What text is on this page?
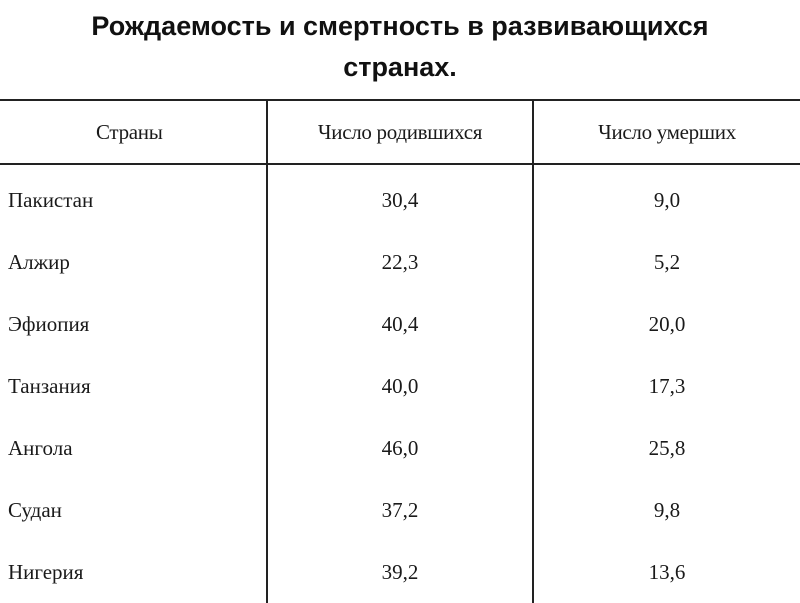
Рождаемость и смертность в развивающихся
странах.
Страны	Число родившихся	Число умерших
Пакистан	30,4	9,0
Алжир	22,3	5,2
Эфиопия	40,4	20,0
Танзания	40,0	17,3
Ангола	46,0	25,8
Судан	37,2	9,8
Нигерия	39,2	13,6
